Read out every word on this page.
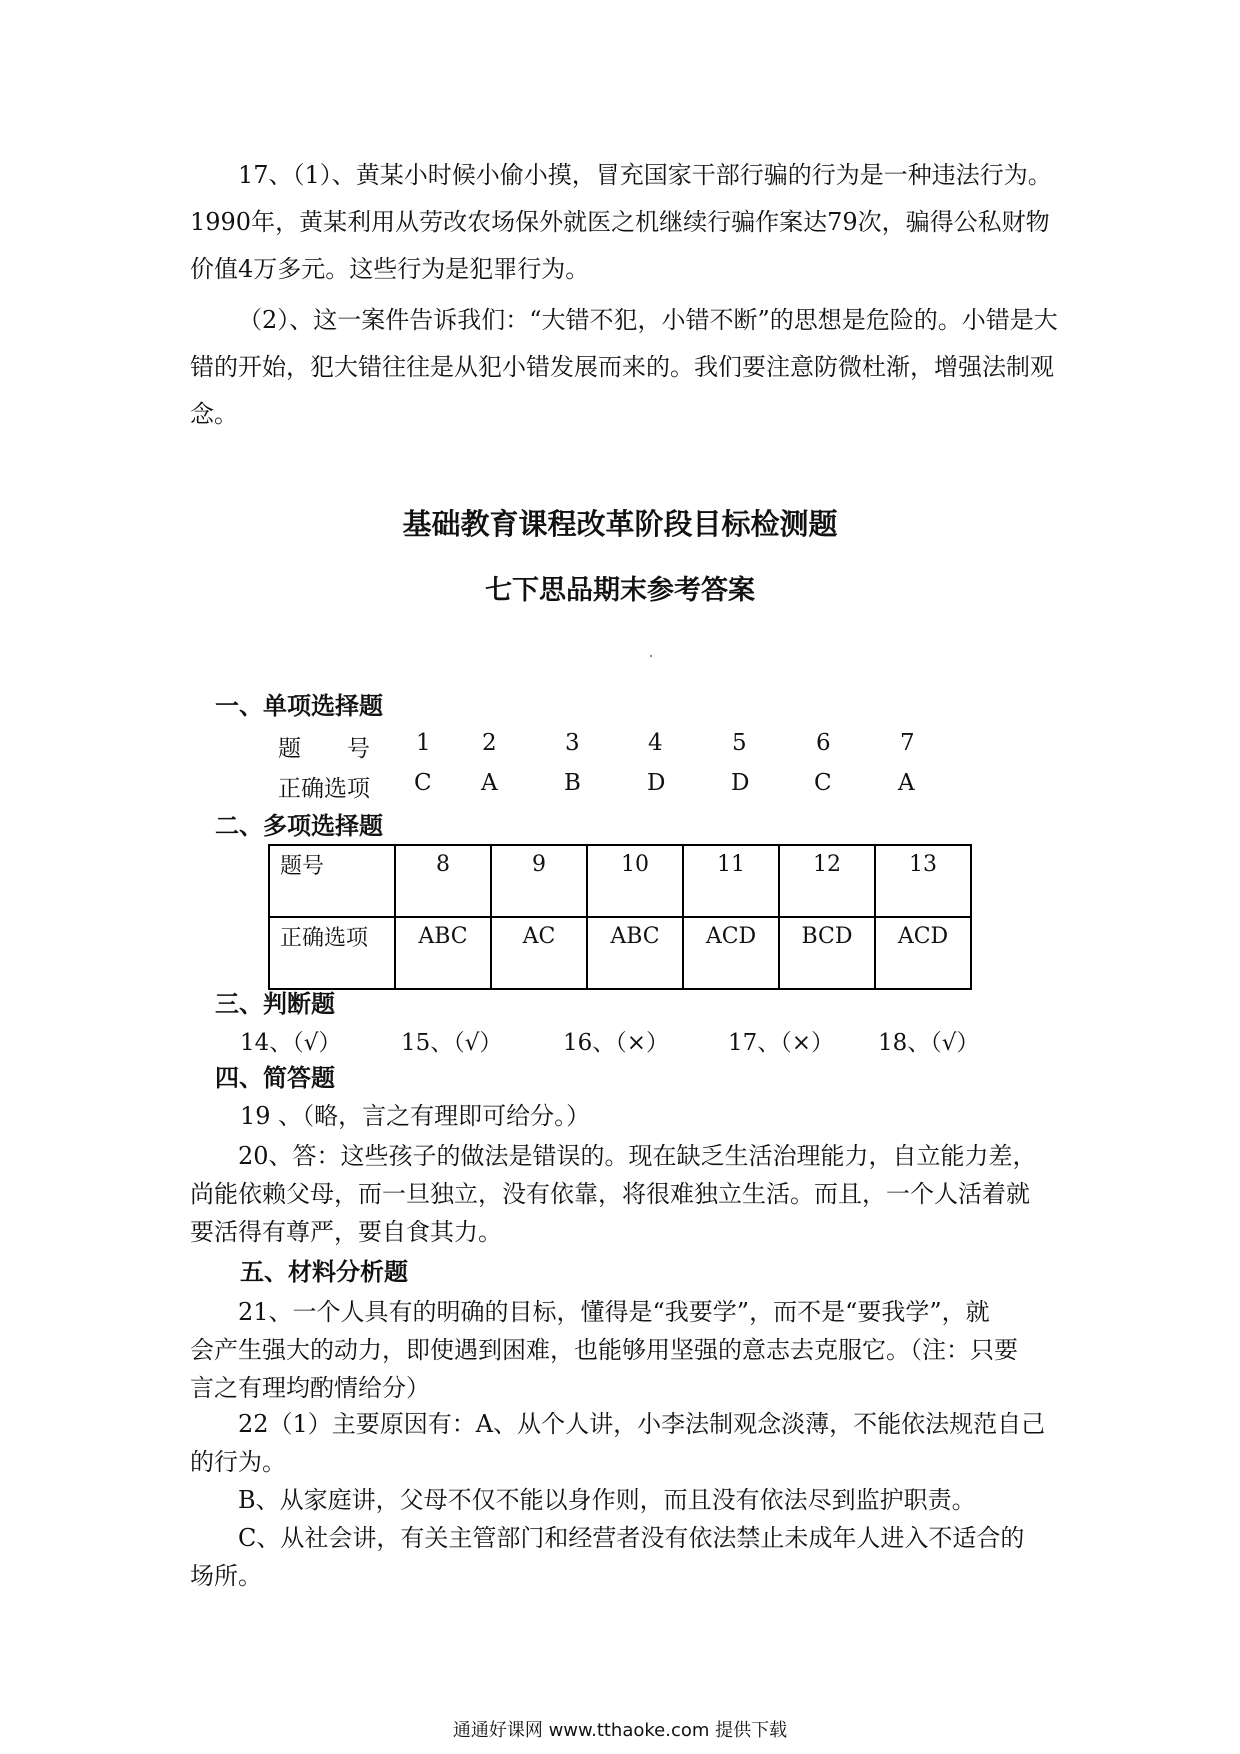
17、（1）、黄某小时候小偷小摸，冒充国家干部行骗的行为是一种违法行为。1990年，黄某利用从劳改农场保外就医之机继续行骗作案达79次，骗得公私财物价值4万多元。这些行为是犯罪行为。

（2）、这一案件告诉我们：“大错不犯，小错不断”的思想是危险的。小错是大错的开始，犯大错往往是从犯小错发展而来的。我们要注意防微杜渐，增强法制观念。

基础教育课程改革阶段目标检测题
七下思品期末参考答案

一、单项选择题

题　　号 1 2	3	4	5	6	7
正确选项 C A	B	D	D	C	A

二、多项选择题

题号	8	9	10	11	12	13
正确选项	ABC	AC	ABC	ACD	BCD	ACD

三、判断题

14、（√）	15、（√）	16、（×）	17、（×） 18、（√）

四、简答题

19 、（略，言之有理即可给分。）

　　20、答：这些孩子的做法是错误的。现在缺乏生活治理能力，自立能力差，

尚能依赖父母，而一旦独立，没有依靠，将很难独立生活。而且，一个人活着就

要活得有尊严，要自食其力。

五、材料分析题

　　21、一个人具有的明确的目标，懂得是“我要学”，而不是“要我学”，就

会产生强大的动力，即使遇到困难，也能够用坚强的意志去克服它。（注：只要

言之有理均酌情给分）

　　22（1）主要原因有：A、从个人讲，小李法制观念淡薄，不能依法规范自己

的行为。

　　B、从家庭讲，父母不仅不能以身作则，而且没有依法尽到监护职责。

　　C、从社会讲，有关主管部门和经营者没有依法禁止未成年人进入不适合的

场所。

通通好课网 www.tthaoke.com 提供下载
